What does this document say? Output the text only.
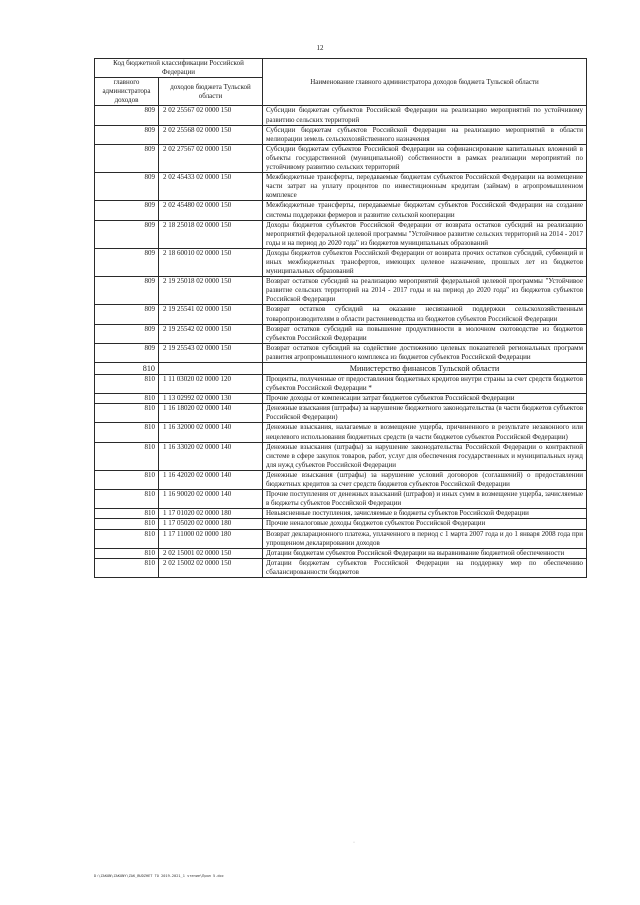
12
Код бюджетной классификации Российской Федерации		Наименование главного администратора доходов бюджета Тульской области
главного администратора доходов	доходов бюджета Тульской области	
809	2 02 25567 02 0000 150	Субсидии бюджетам субъектов Российской Федерации на реализацию мероприятий по устойчивому развитию сельских территорий
809	2 02 25568 02 0000 150	Субсидии бюджетам субъектов Российской Федерации на реализацию мероприятий в области мелиорации земель сельскохозяйственного назначения
809	2 02 27567 02 0000 150	Субсидии бюджетам субъектов Российской Федерации на софинансирование капитальных вложений в объекты государственной (муниципальной) собственности в рамках реализации мероприятий по устойчивому развитию сельских территорий
809	2 02 45433 02 0000 150	Межбюджетные трансферты, передаваемые бюджетам субъектов Российской Федерации на возмещение части затрат на уплату процентов по инвестиционным кредитам (займам) в агропромышленном комплексе
809	2 02 45480 02 0000 150	Межбюджетные трансферты, передаваемые бюджетам субъектов Российской Федерации на создание системы поддержки фермеров и развитие сельской кооперации
809	2 18 25018 02 0000 150	Доходы бюджетов субъектов Российской Федерации от возврата остатков субсидий на реализацию мероприятий федеральной целевой программы "Устойчивое развитие сельских территорий на 2014 - 2017 годы и на период до 2020 года" из бюджетов муниципальных образований
809	2 18 60010 02 0000 150	Доходы бюджетов субъектов Российской Федерации от возврата прочих остатков субсидий, субвенций и иных межбюджетных трансфертов, имеющих целевое назначение, прошлых лет из бюджетов муниципальных образований
809	2 19 25018 02 0000 150	Возврат остатков субсидий на реализацию мероприятий федеральной целевой программы "Устойчивое развитие сельских территорий на 2014 - 2017 годы и на период до 2020 года" из бюджетов субъектов Российской Федерации
809	2 19 25541 02 0000 150	Возврат остатков субсидий на оказание несвязанной поддержки сельскохозяйственным товаропроизводителям в области растениеводства из бюджетов субъектов Российской Федерации
809	2 19 25542 02 0000 150	Возврат остатков субсидий на повышение продуктивности в молочном скотоводстве из бюджетов субъектов Российской Федерации
809	2 19 25543 02 0000 150	Возврат остатков субсидий на содействие достижению целевых показателей региональных программ развития агропромышленного комплекса из бюджетов субъектов Российской Федерации
810		Министерство финансов Тульской области
810	1 11 03020 02 0000 120	Проценты, полученные от предоставления бюджетных кредитов внутри страны за счет средств бюджетов субъектов Российской Федерации *
810	1 13 02992 02 0000 130	Прочие доходы от компенсации затрат бюджетов субъектов Российской Федерации
810	1 16 18020 02 0000 140	Денежные взыскания (штрафы) за нарушение бюджетного законодательства (в части бюджетов субъектов Российской Федерации)
810	1 16 32000 02 0000 140	Денежные взыскания, налагаемые в возмещение ущерба, причиненного в результате незаконного или нецелевого использования бюджетных средств (в части бюджетов субъектов Российской Федерации)
810	1 16 33020 02 0000 140	Денежные взыскания (штрафы) за нарушение законодательства Российской Федерации о контрактной системе в сфере закупок товаров, работ, услуг для обеспечения государственных и муниципальных нужд для нужд субъектов Российской Федерации
810	1 16 42020 02 0000 140	Денежные взыскания (штрафы) за нарушение условий договоров (соглашений) о предоставлении бюджетных кредитов за счет средств бюджетов субъектов Российской Федерации
810	1 16 90020 02 0000 140	Прочие поступления от денежных взысканий (штрафов) и иных сумм в возмещение ущерба, зачисляемые в бюджеты субъектов Российской Федерации
810	1 17 01020 02 0000 180	Невыясненные поступления, зачисляемые в бюджеты субъектов Российской Федерации
810	1 17 05020 02 0000 180	Прочие неналоговые доходы бюджетов субъектов Российской Федерации
810	1 17 11000 02 0000 180	Возврат декларационного платежа, уплаченного в период с 1 марта 2007 года и до 1 января 2008 года при упрощенном декларировании доходов
810	2 02 15001 02 0000 150	Дотации бюджетам субъектов Российской Федерации на выравнивание бюджетной обеспеченности
810	2 02 15002 02 0000 150	Дотации бюджетам субъектов Российской Федерации на поддержку мер по обеспечению сбалансированности бюджетов
·
D:\ZAKON\ZAKONY\ZAK_BUDZHET TO 2019-2021_1 чтение\Прил 5.doc
